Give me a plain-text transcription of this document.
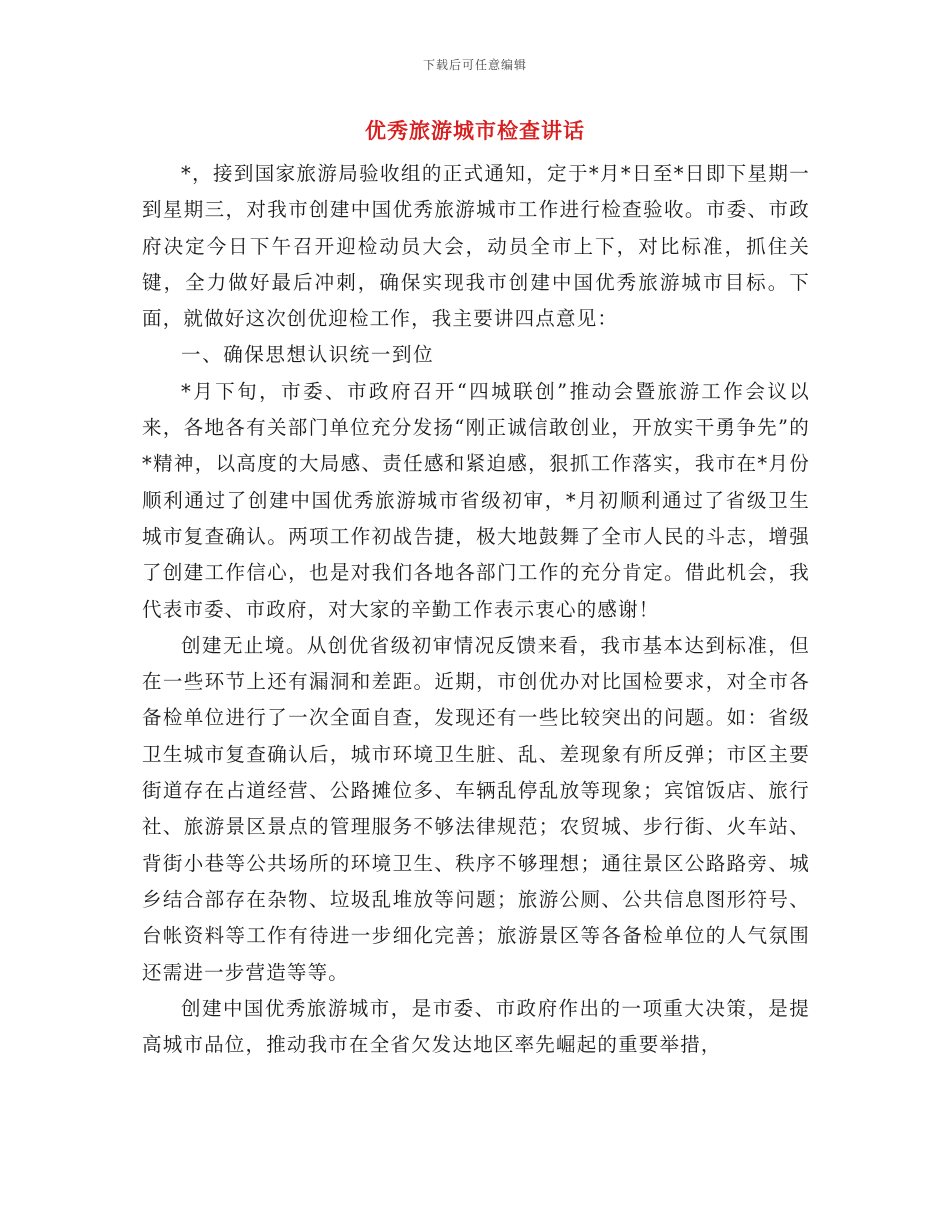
下载后可任意编辑
优秀旅游城市检查讲话

*，接到国家旅游局验收组的正式通知，定于*月*日至*日即下星期一到星期三，对我市创建中国优秀旅游城市工作进行检查验收。市委、市政府决定今日下午召开迎检动员大会，动员全市上下，对比标准，抓住关键，全力做好最后冲刺，确保实现我市创建中国优秀旅游城市目标。下面，就做好这次创优迎检工作，我主要讲四点意见：

一、确保思想认识统一到位

*月下旬，市委、市政府召开“四城联创”推动会暨旅游工作会议以来，各地各有关部门单位充分发扬“刚正诚信敢创业，开放实干勇争先”的*精神，以高度的大局感、责任感和紧迫感，狠抓工作落实，我市在*月份顺利通过了创建中国优秀旅游城市省级初审，*月初顺利通过了省级卫生城市复查确认。两项工作初战告捷，极大地鼓舞了全市人民的斗志，增强了创建工作信心，也是对我们各地各部门工作的充分肯定。借此机会，我代表市委、市政府，对大家的辛勤工作表示衷心的感谢！

创建无止境。从创优省级初审情况反馈来看，我市基本达到标准，但在一些环节上还有漏洞和差距。近期，市创优办对比国检要求，对全市各备检单位进行了一次全面自查，发现还有一些比较突出的问题。如：省级卫生城市复查确认后，城市环境卫生脏、乱、差现象有所反弹；市区主要街道存在占道经营、公路摊位多、车辆乱停乱放等现象；宾馆饭店、旅行社、旅游景区景点的管理服务不够法律规范；农贸城、步行街、火车站、背街小巷等公共场所的环境卫生、秩序不够理想；通往景区公路路旁、城乡结合部存在杂物、垃圾乱堆放等问题；旅游公厕、公共信息图形符号、台帐资料等工作有待进一步细化完善；旅游景区等各备检单位的人气氛围还需进一步营造等等。

创建中国优秀旅游城市，是市委、市政府作出的一项重大决策，是提高城市品位，推动我市在全省欠发达地区率先崛起的重要举措，
